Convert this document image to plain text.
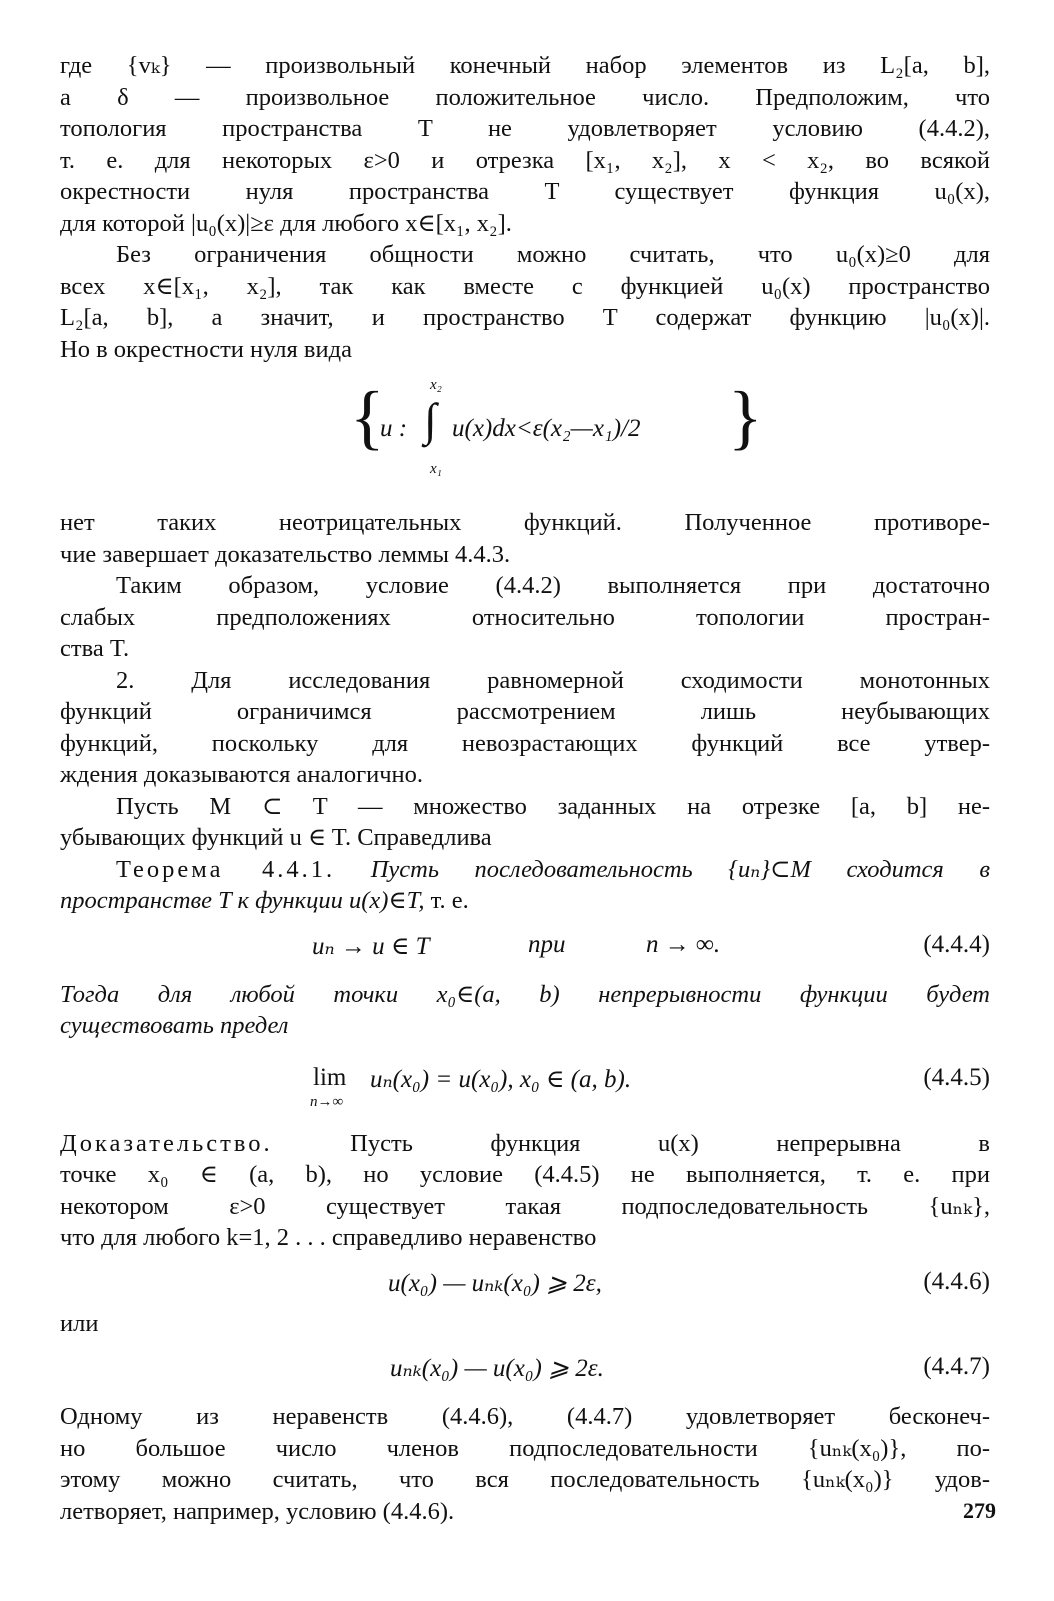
где {vₖ} — произвольный конечный набор элементов из L₂[a, b],

а δ — произвольное положительное число. Предположим, что

топология пространства T не удовлетворяет условию (4.4.2),

т. е. для некоторых ε>0 и отрезка [x₁, x₂], x < x₂, во всякой

окрестности нуля пространства T существует функция u₀(x),

для которой |u₀(x)|≥ε для любого x∈[x₁, x₂].

Без ограничения общности можно считать, что u₀(x)≥0 для

всех x∈[x₁, x₂], так как вместе с функцией u₀(x) пространство

L₂[a, b], а значит, и пространство T содержат функцию |u₀(x)|.

Но в окрестности нуля вида

{
u :
x₂
∫
x₁
u(x)dx<ε(x₂—x₁)/2 }

нет таких неотрицательных функций. Полученное противоре-

чие завершает доказательство леммы 4.4.3.

Таким образом, условие (4.4.2) выполняется при достаточно

слабых предположениях относительно топологии простран-

ства T.

2. Для исследования равномерной сходимости монотонных

функций ограничимся рассмотрением лишь неубывающих

функций, поскольку для невозрастающих функций все утвер-

ждения доказываются аналогично.

Пусть M ⊂ T — множество заданных на отрезке [a, b] не-

убывающих функций u ∈ T. Справедлива

Теорема 4.4.1. Пусть последовательность {uₙ}⊂M сходится в

пространстве T к функции u(x)∈T, т. е.

uₙ → u ∈ T	при	n → ∞.	(4.4.4)

Тогда для любой точки x₀∈(a, b) непрерывности функции будет

существовать предел

lim
n→∞
uₙ(x₀) = u(x₀), x₀ ∈ (a, b).	(4.4.5)

Доказательство. Пусть функция u(x) непрерывна в

точке x₀ ∈ (a, b), но условие (4.4.5) не выполняется, т. е. при

некотором ε>0 существует такая подпоследовательность {uₙₖ},

что для любого k=1, 2 . . . справедливо неравенство

u(x₀) — uₙₖ(x₀) ⩾ 2ε,	(4.4.6)

или

uₙₖ(x₀) — u(x₀) ⩾ 2ε.	(4.4.7)

Одному из неравенств (4.4.6), (4.4.7) удовлетворяет бесконеч-

но большое число членов подпоследовательности {uₙₖ(x₀)}, по-

этому можно считать, что вся последовательность {uₙₖ(x₀)} удов-

летворяет, например, условию (4.4.6).	279
